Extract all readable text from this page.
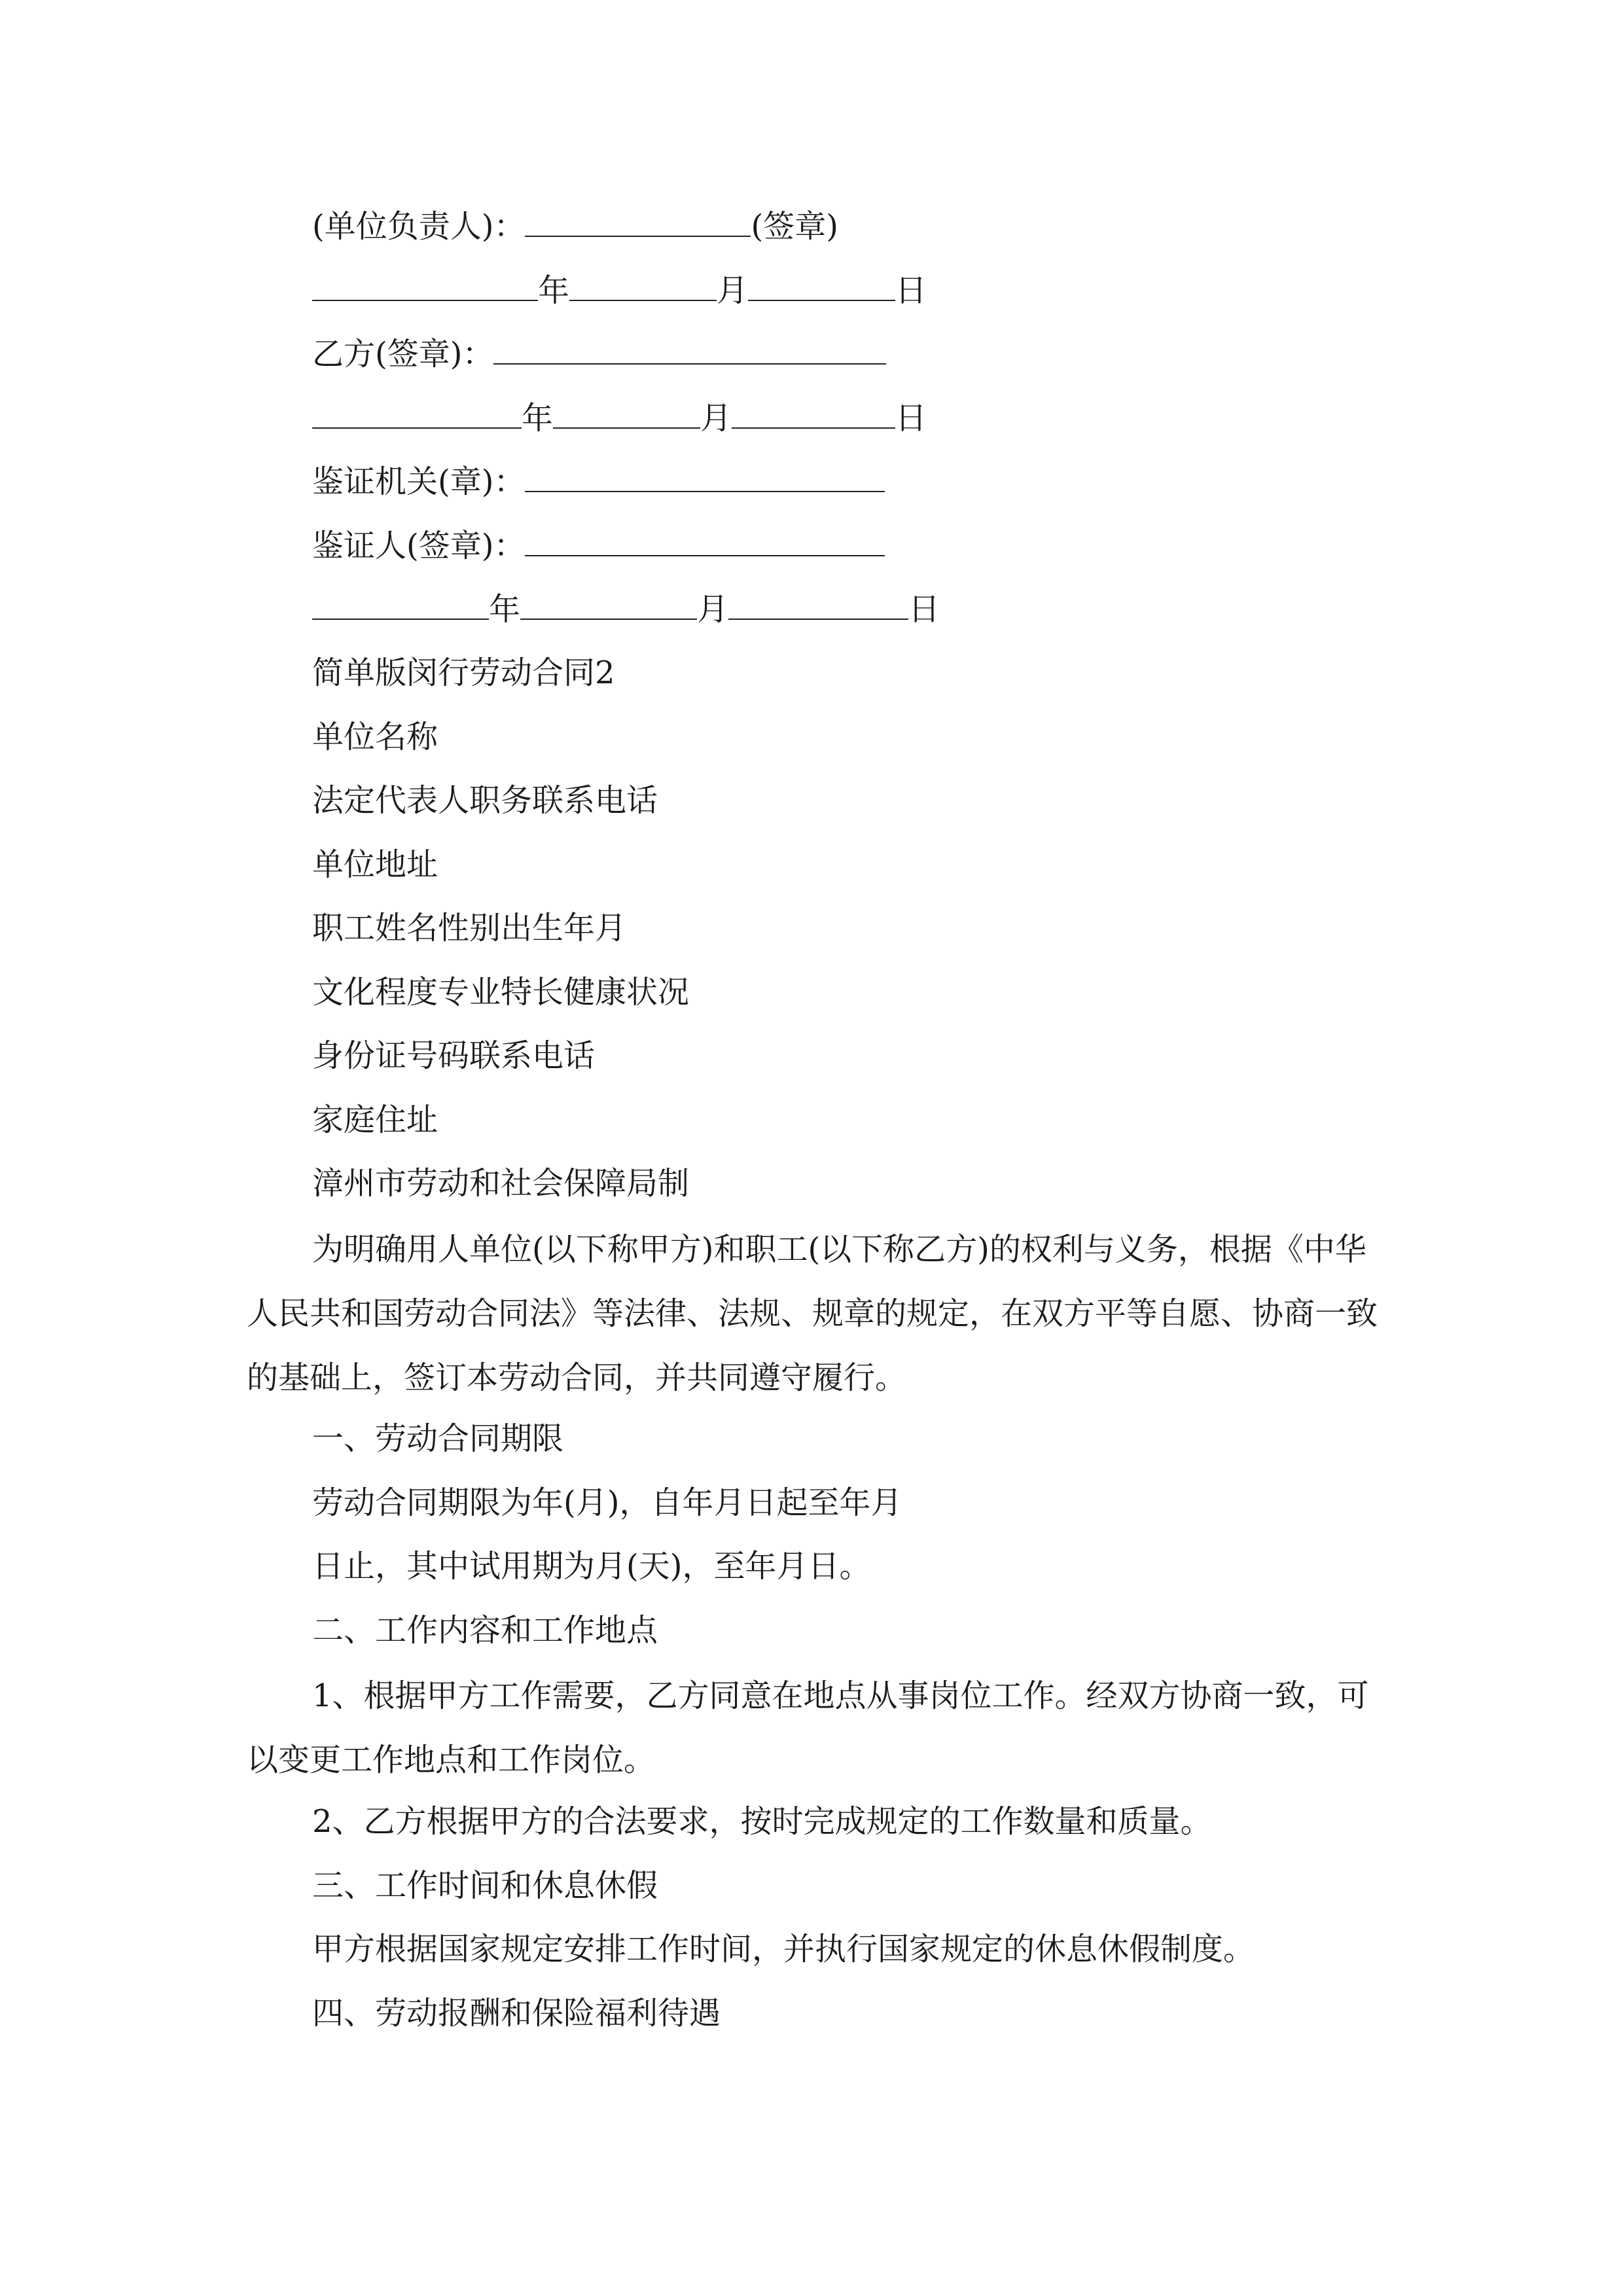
(单位负责人)：	(签章)
年	月	日
乙方(签章)：
年	月	日
鉴证机关(章)：
鉴证人(签章)：
年	月	日
简单版闵行劳动合同2
单位名称
法定代表人职务联系电话
单位地址
职工姓名性别出生年月
文化程度专业特长健康状况
身份证号码联系电话
家庭住址
漳州市劳动和社会保障局制
为明确用人单位(以下称甲方)和职工(以下称乙方)的权利与义务，根据《中华人民共和国劳动合同法》等法律、法规、规章的规定，在双方平等自愿、协商一致的基础上，签订本劳动合同，并共同遵守履行。
一、劳动合同期限
劳动合同期限为年(月)，自年月日起至年月
日止，其中试用期为月(天)，至年月日。
二、工作内容和工作地点
1、根据甲方工作需要，乙方同意在地点从事岗位工作。经双方协商一致，可以变更工作地点和工作岗位。
2、乙方根据甲方的合法要求，按时完成规定的工作数量和质量。
三、工作时间和休息休假
甲方根据国家规定安排工作时间，并执行国家规定的休息休假制度。
四、劳动报酬和保险福利待遇
